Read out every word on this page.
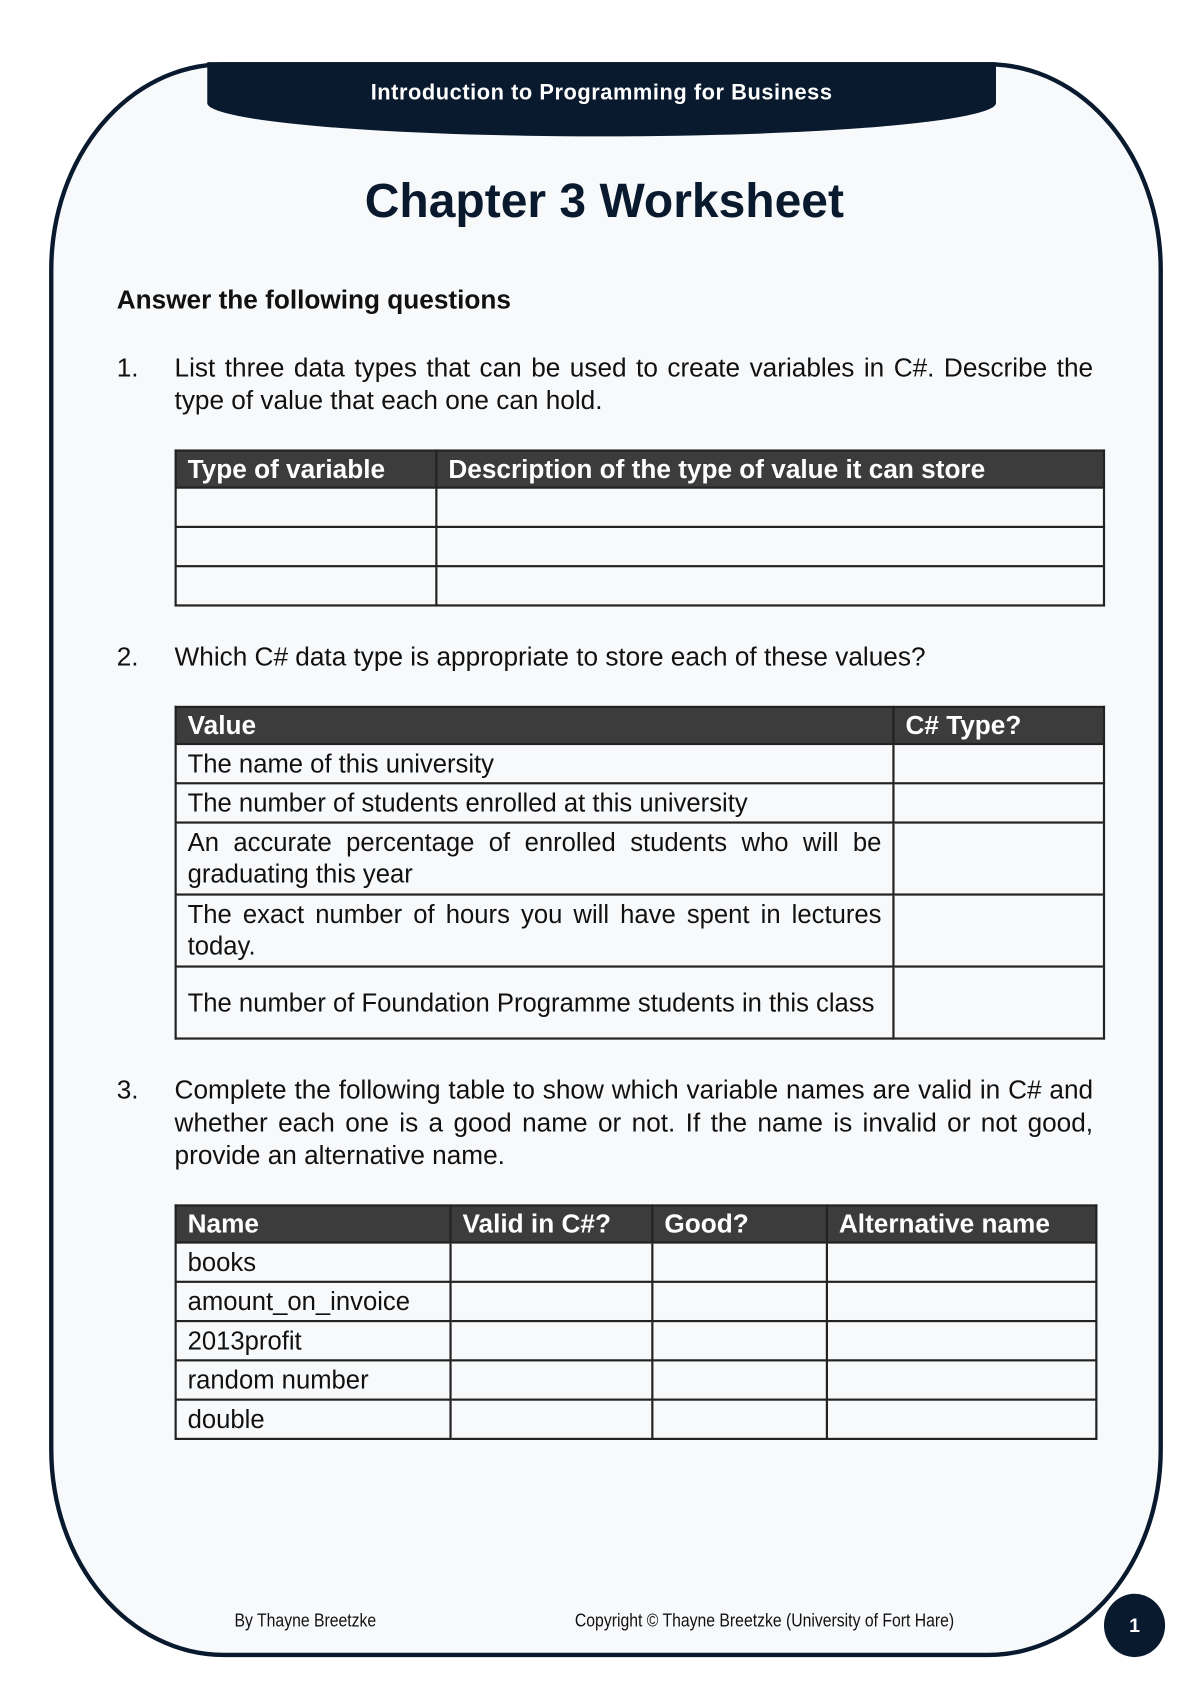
Introduction to Programming for Business
Chapter 3 Worksheet
Answer the following questions
1. List three data types that can be used to create variables in C#. Describe the type of value that each one can hold.
Type of variable	Description of the type of value it can store

2. Which C# data type is appropriate to store each of these values?
Value	C# Type?
The name of this university	
The number of students enrolled at this university	
An accurate percentage of enrolled students who will be graduating this year	
The exact number of hours you will have spent in lectures today.	
The number of Foundation Programme students in this class	
3. Complete the following table to show which variable names are valid in C# and whether each one is a good name or not. If the name is invalid or not good, provide an alternative name.
Name	Valid in C#?	Good?	Alternative name
books			
amount_on_invoice			
2013profit			
random number			
double			
By Thayne Breetzke	Copyright © Thayne Breetzke (University of Fort Hare)	1
